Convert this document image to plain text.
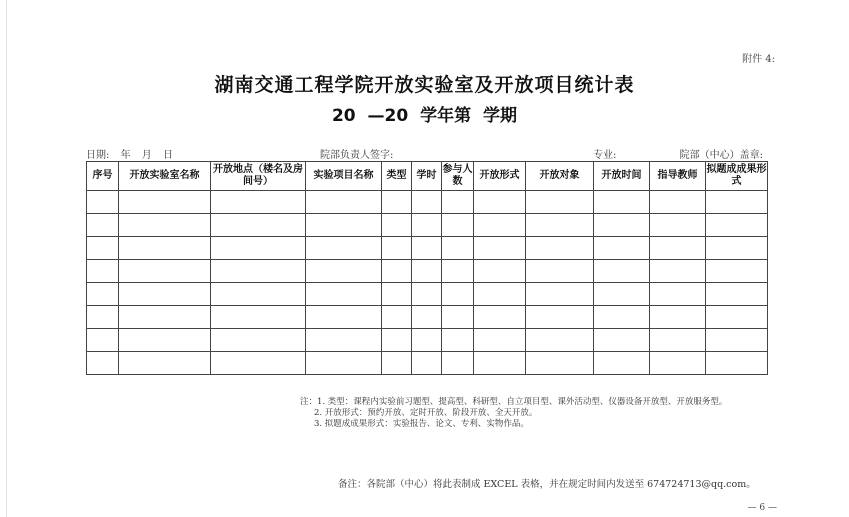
附件 4:
湖南交通工程学院开放实验室及开放项目统计表
20 —20 学年第 学期
日期: 年 月 日	院部负责人签字:	专业:	院部（中心）盖章:
序号	开放实验室名称	开放地点（楼名及房间号）	实验项目名称	类型	学时	参与人数	开放形式	开放对象	开放时间	指导教师	拟题成成果形式

注：1. 类型：课程内实验前习题型、提高型、科研型、自立项目型、课外活动型、仪器设备开放型、开放服务型。
2. 开放形式：预约开放、定时开放、阶段开放、全天开放。
3. 拟题成成果形式：实验报告、论文、专利、实物作品。
备注：各院部（中心）将此表制成 EXCEL 表格，并在规定时间内发送至 674724713@qq.com。
— 6 —
